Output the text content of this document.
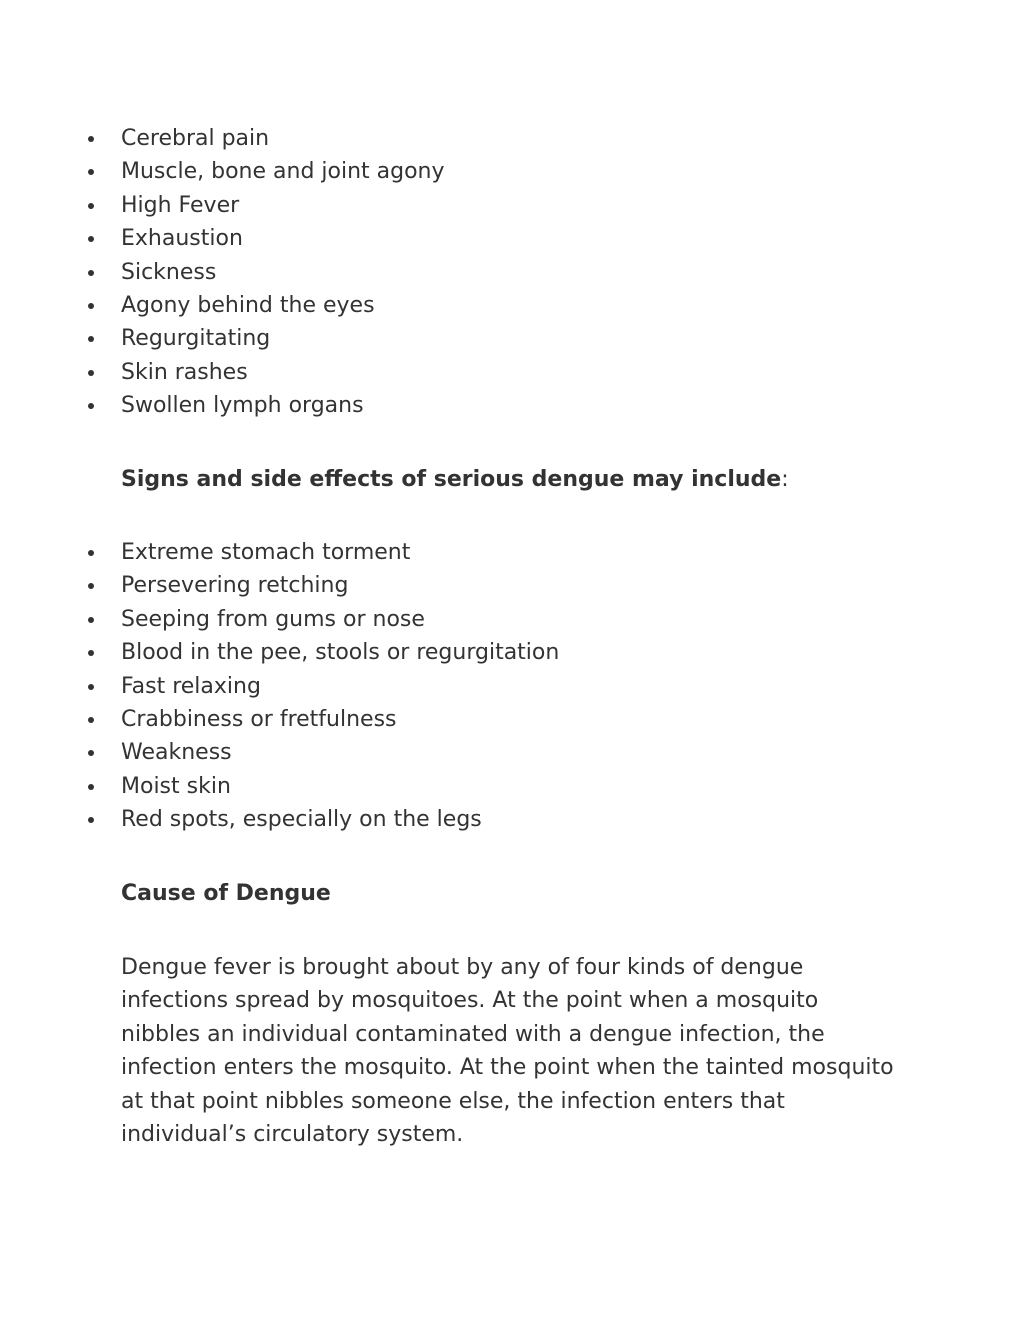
Cerebral pain
Muscle, bone and joint agony
High Fever
Exhaustion
Sickness
Agony behind the eyes
Regurgitating
Skin rashes
Swollen lymph organs
Signs and side effects of serious dengue may include:
Extreme stomach torment
Persevering retching
Seeping from gums or nose
Blood in the pee, stools or regurgitation
Fast relaxing
Crabbiness or fretfulness
Weakness
Moist skin
Red spots, especially on the legs
Cause of Dengue

Dengue fever is brought about by any of four kinds of dengue
infections spread by mosquitoes. At the point when a mosquito
nibbles an individual contaminated with a dengue infection, the
infection enters the mosquito. At the point when the tainted mosquito
at that point nibbles someone else, the infection enters that
individual’s circulatory system.
